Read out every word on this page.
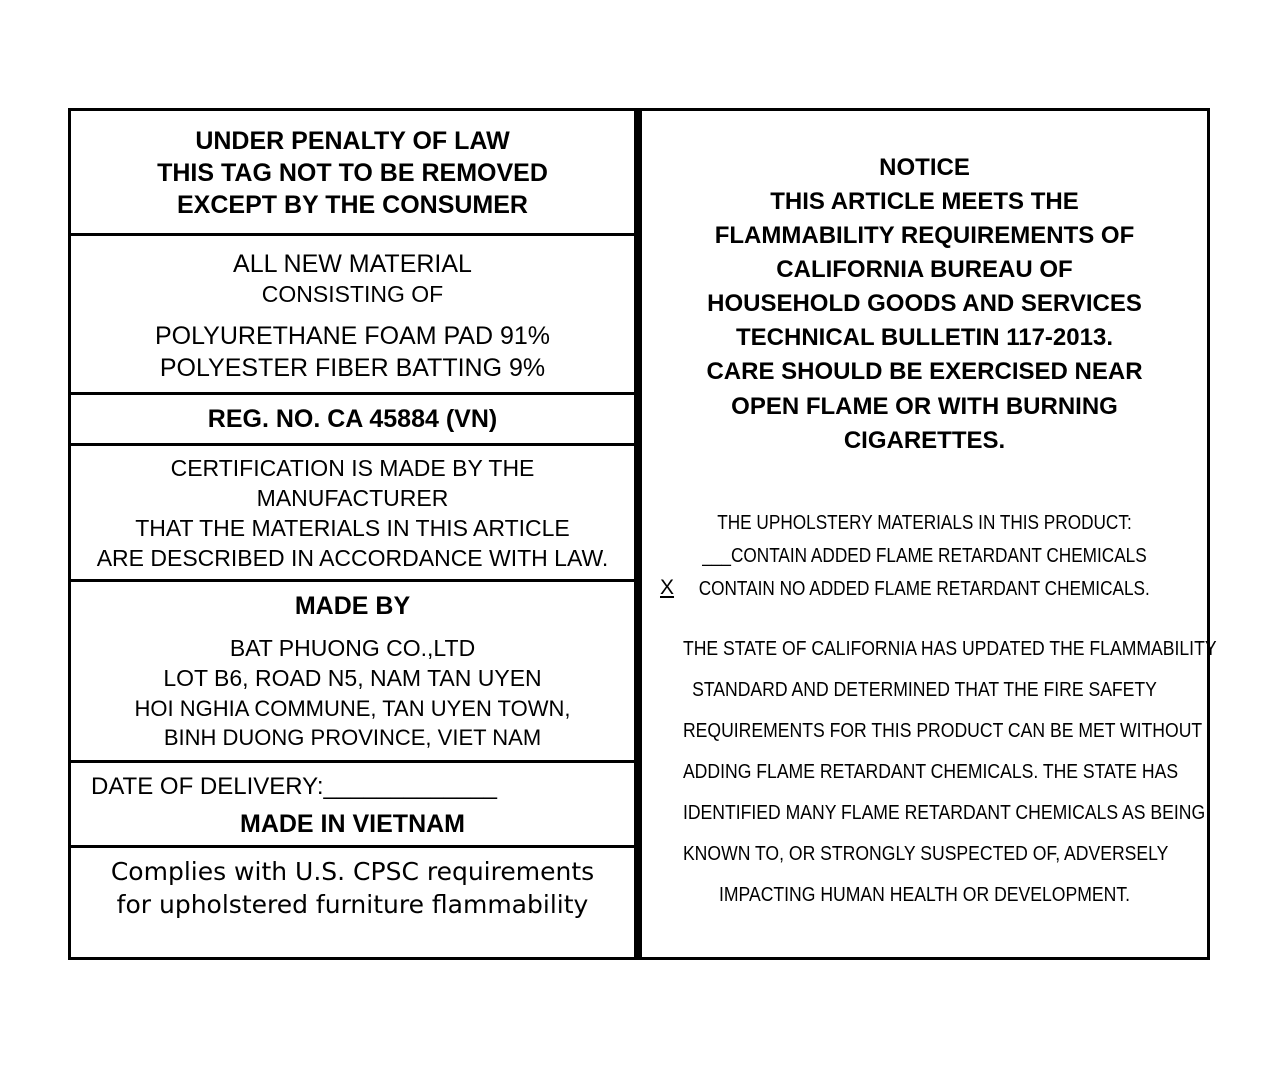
UNDER PENALTY OF LAW
THIS TAG NOT TO BE REMOVED
EXCEPT BY THE CONSUMER
ALL NEW MATERIAL
CONSISTING OF
POLYURETHANE FOAM PAD 91%
POLYESTER FIBER BATTING 9%
REG. NO. CA 45884 (VN)
CERTIFICATION IS MADE BY THE
MANUFACTURER
THAT THE MATERIALS IN THIS ARTICLE
ARE DESCRIBED IN ACCORDANCE WITH LAW.
MADE BY
BAT PHUONG CO.,LTD
LOT B6, ROAD N5, NAM TAN UYEN
HOI NGHIA COMMUNE, TAN UYEN TOWN,
BINH DUONG PROVINCE, VIET NAM
DATE OF DELIVERY:_____________
MADE IN VIETNAM
Complies with U.S. CPSC requirements
for upholstered furniture flammability
NOTICE
THIS ARTICLE MEETS THE
FLAMMABILITY REQUIREMENTS OF
CALIFORNIA BUREAU OF
HOUSEHOLD GOODS AND SERVICES
TECHNICAL BULLETIN 117-2013.
CARE SHOULD BE EXERCISED NEAR
OPEN FLAME OR WITH BURNING
CIGARETTES.
THE UPHOLSTERY MATERIALS IN THIS PRODUCT:
___CONTAIN ADDED FLAME RETARDANT CHEMICALS
X CONTAIN NO ADDED FLAME RETARDANT CHEMICALS.
THE STATE OF CALIFORNIA HAS UPDATED THE FLAMMABILITY
STANDARD AND DETERMINED THAT THE FIRE SAFETY
REQUIREMENTS FOR THIS PRODUCT CAN BE MET WITHOUT
ADDING FLAME RETARDANT CHEMICALS. THE STATE HAS
IDENTIFIED MANY FLAME RETARDANT CHEMICALS AS BEING
KNOWN TO, OR STRONGLY SUSPECTED OF, ADVERSELY
IMPACTING HUMAN HEALTH OR DEVELOPMENT.
